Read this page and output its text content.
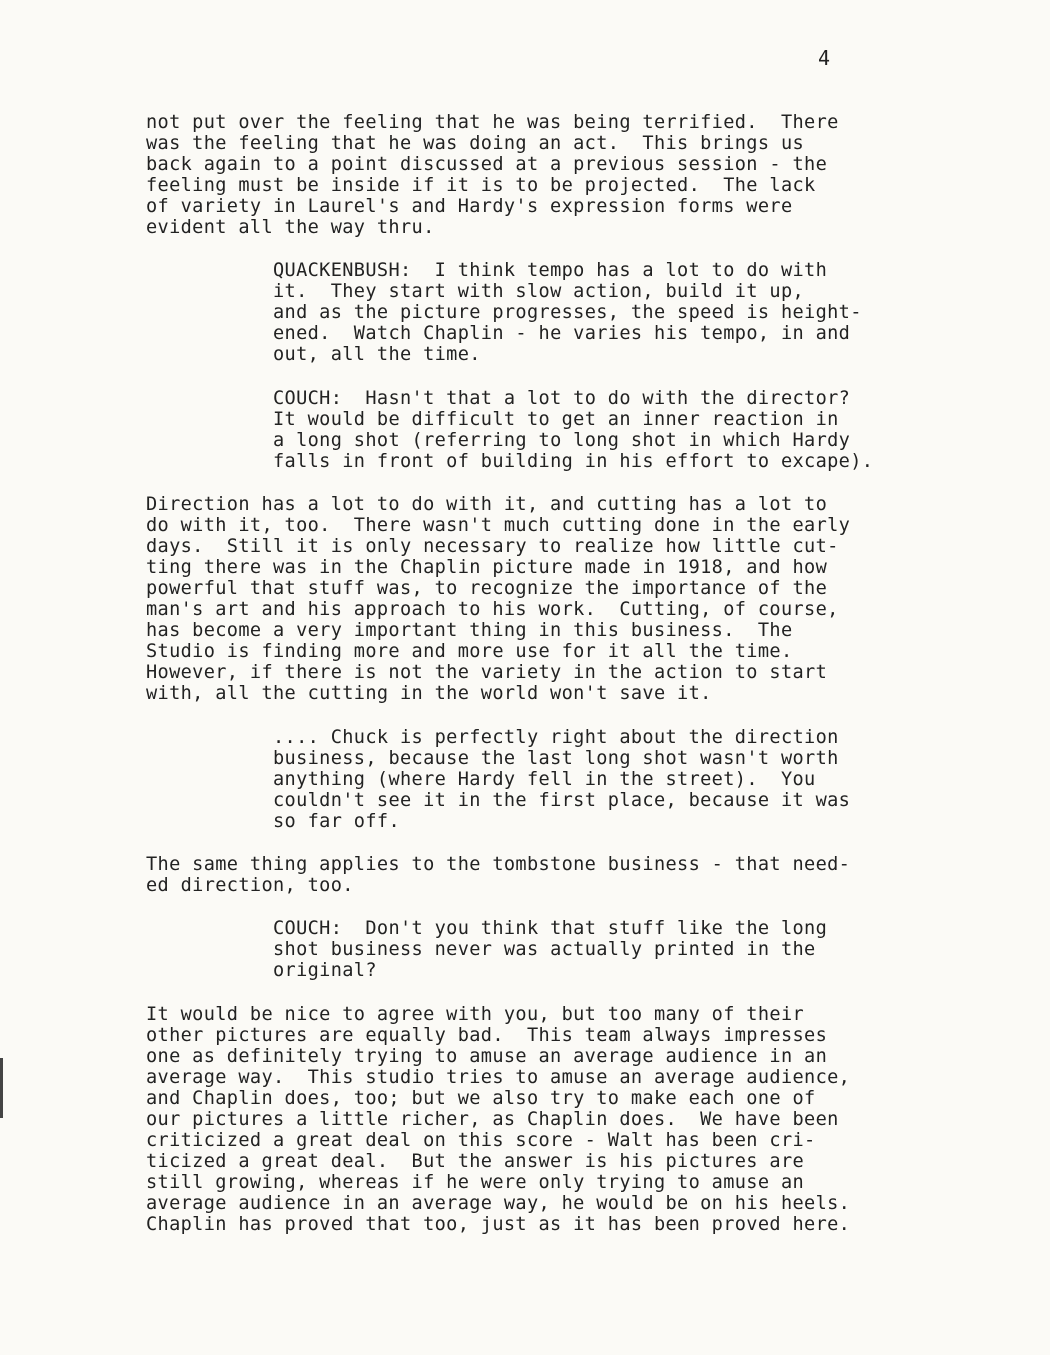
4

not put over the feeling that he was being terrified.  There

was the feeling that he was doing an act.  This brings us

back again to a point discussed at a previous session - the

feeling must be inside if it is to be projected.  The lack

of variety in Laurel's and Hardy's expression forms were

evident all the way thru.

QUACKENBUSH:  I think tempo has a lot to do with

it.  They start with slow action, build it up,

and as the picture progresses, the speed is height-

ened.  Watch Chaplin - he varies his tempo, in and

out, all the time.

COUCH:  Hasn't that a lot to do with the director?

It would be difficult to get an inner reaction in

a long shot (referring to long shot in which Hardy

falls in front of building in his effort to excape).

Direction has a lot to do with it, and cutting has a lot to

do with it, too.  There wasn't much cutting done in the early

days.  Still it is only necessary to realize how little cut-

ting there was in the Chaplin picture made in 1918, and how

powerful that stuff was, to recognize the importance of the

man's art and his approach to his work.  Cutting, of course,

has become a very important thing in this business.  The

Studio is finding more and more use for it all the time.

However, if there is not the variety in the action to start

with, all the cutting in the world won't save it.

.... Chuck is perfectly right about the direction

business, because the last long shot wasn't worth

anything (where Hardy fell in the street).  You

couldn't see it in the first place, because it was

so far off.

The same thing applies to the tombstone business - that need-

ed direction, too.

COUCH:  Don't you think that stuff like the long

shot business never was actually printed in the

original?

It would be nice to agree with you, but too many of their

other pictures are equally bad.  This team always impresses

one as definitely trying to amuse an average audience in an

average way.  This studio tries to amuse an average audience,

and Chaplin does, too; but we also try to make each one of

our pictures a little richer, as Chaplin does.  We have been

criticized a great deal on this score - Walt has been cri-

ticized a great deal.  But the answer is his pictures are

still growing, whereas if he were only trying to amuse an

average audience in an average way, he would be on his heels.

Chaplin has proved that too, just as it has been proved here.
